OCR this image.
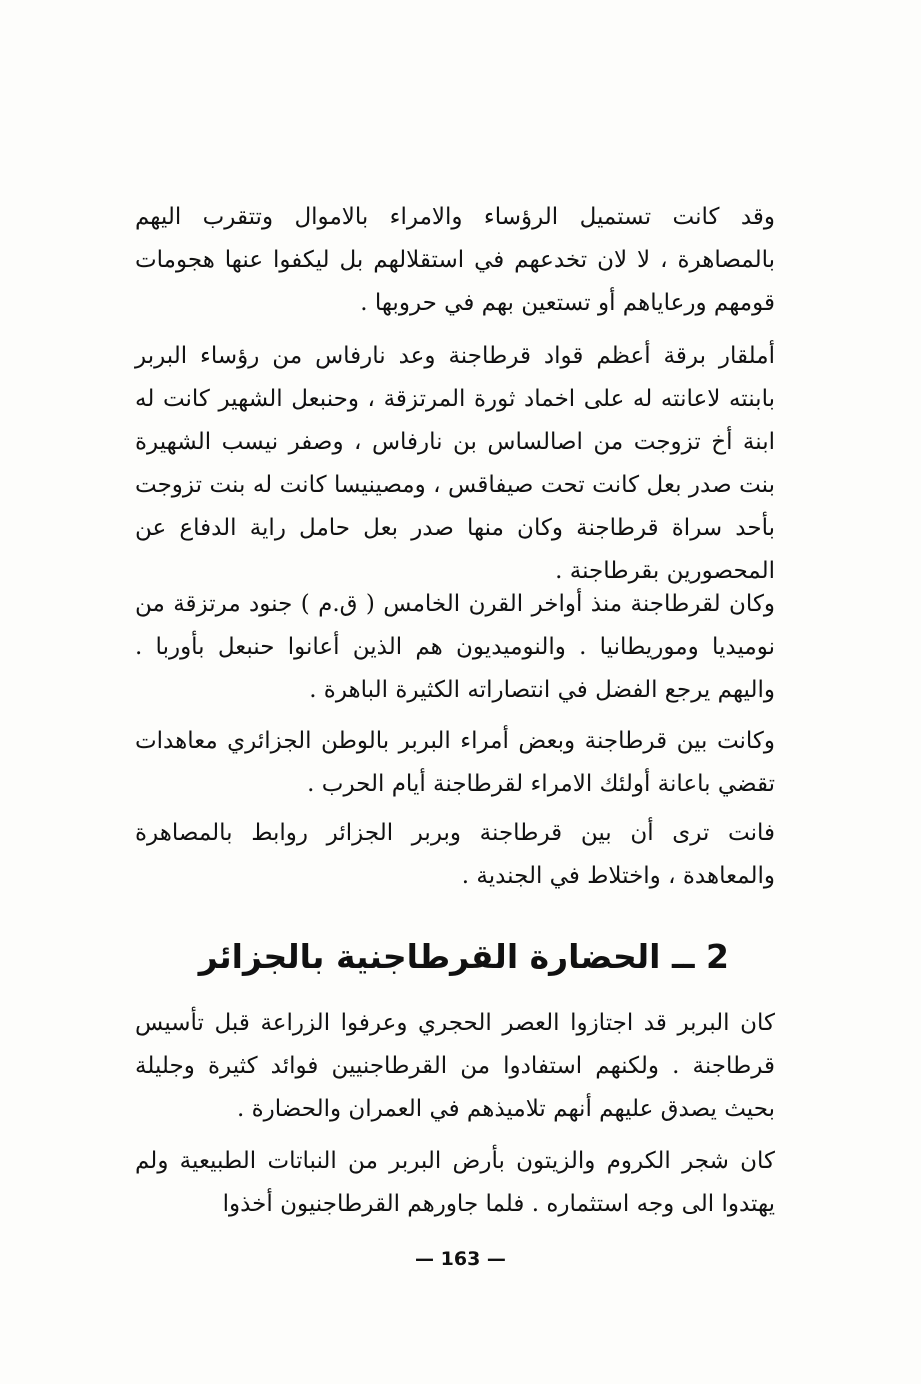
وقد كانت تستميل الرؤساء والامراء بالاموال وتتقرب اليهم بالمصاهرة ، لا لان تخدعهم في استقلالهم بل ليكفوا عنها هجومات قومهم ورعاياهم أو تستعين بهم في حروبها .

أملقار برقة أعظم قواد قرطاجنة وعد نارفاس من رؤساء البربر بابنته لاعانته له على اخماد ثورة المرتزقة ، وحنبعل الشهير كانت له ابنة أخ تزوجت من اصالساس بن نارفاس ، وصفر نيسب الشهيرة بنت صدر بعل كانت تحت صيفاقس ، ومصينيسا كانت له بنت تزوجت بأحد سراة قرطاجنة وكان منها صدر بعل حامل راية الدفاع عن المحصورين بقرطاجنة .

وكان لقرطاجنة منذ أواخر القرن الخامس ( ق.م ) جنود مرتزقة من نوميديا وموريطانيا . والنوميديون هم الذين أعانوا حنبعل بأوربا . واليهم يرجع الفضل في انتصاراته الكثيرة الباهرة .

وكانت بين قرطاجنة وبعض أمراء البربر بالوطن الجزائري معاهدات تقضي باعانة أولئك الامراء لقرطاجنة أيام الحرب .

فانت ترى أن بين قرطاجنة وبربر الجزائر روابط بالمصاهرة والمعاهدة ، واختلاط في الجندية .

2 ــ الحضارة القرطاجنية بالجزائر

كان البربر قد اجتازوا العصر الحجري وعرفوا الزراعة قبل تأسيس قرطاجنة . ولكنهم استفادوا من القرطاجنيين فوائد كثيرة وجليلة بحيث يصدق عليهم أنهم تلاميذهم في العمران والحضارة .

كان شجر الكروم والزيتون بأرض البربر من النباتات الطبيعية ولم يهتدوا الى وجه استثماره . فلما جاورهم القرطاجنيون أخذوا

— 163 —
